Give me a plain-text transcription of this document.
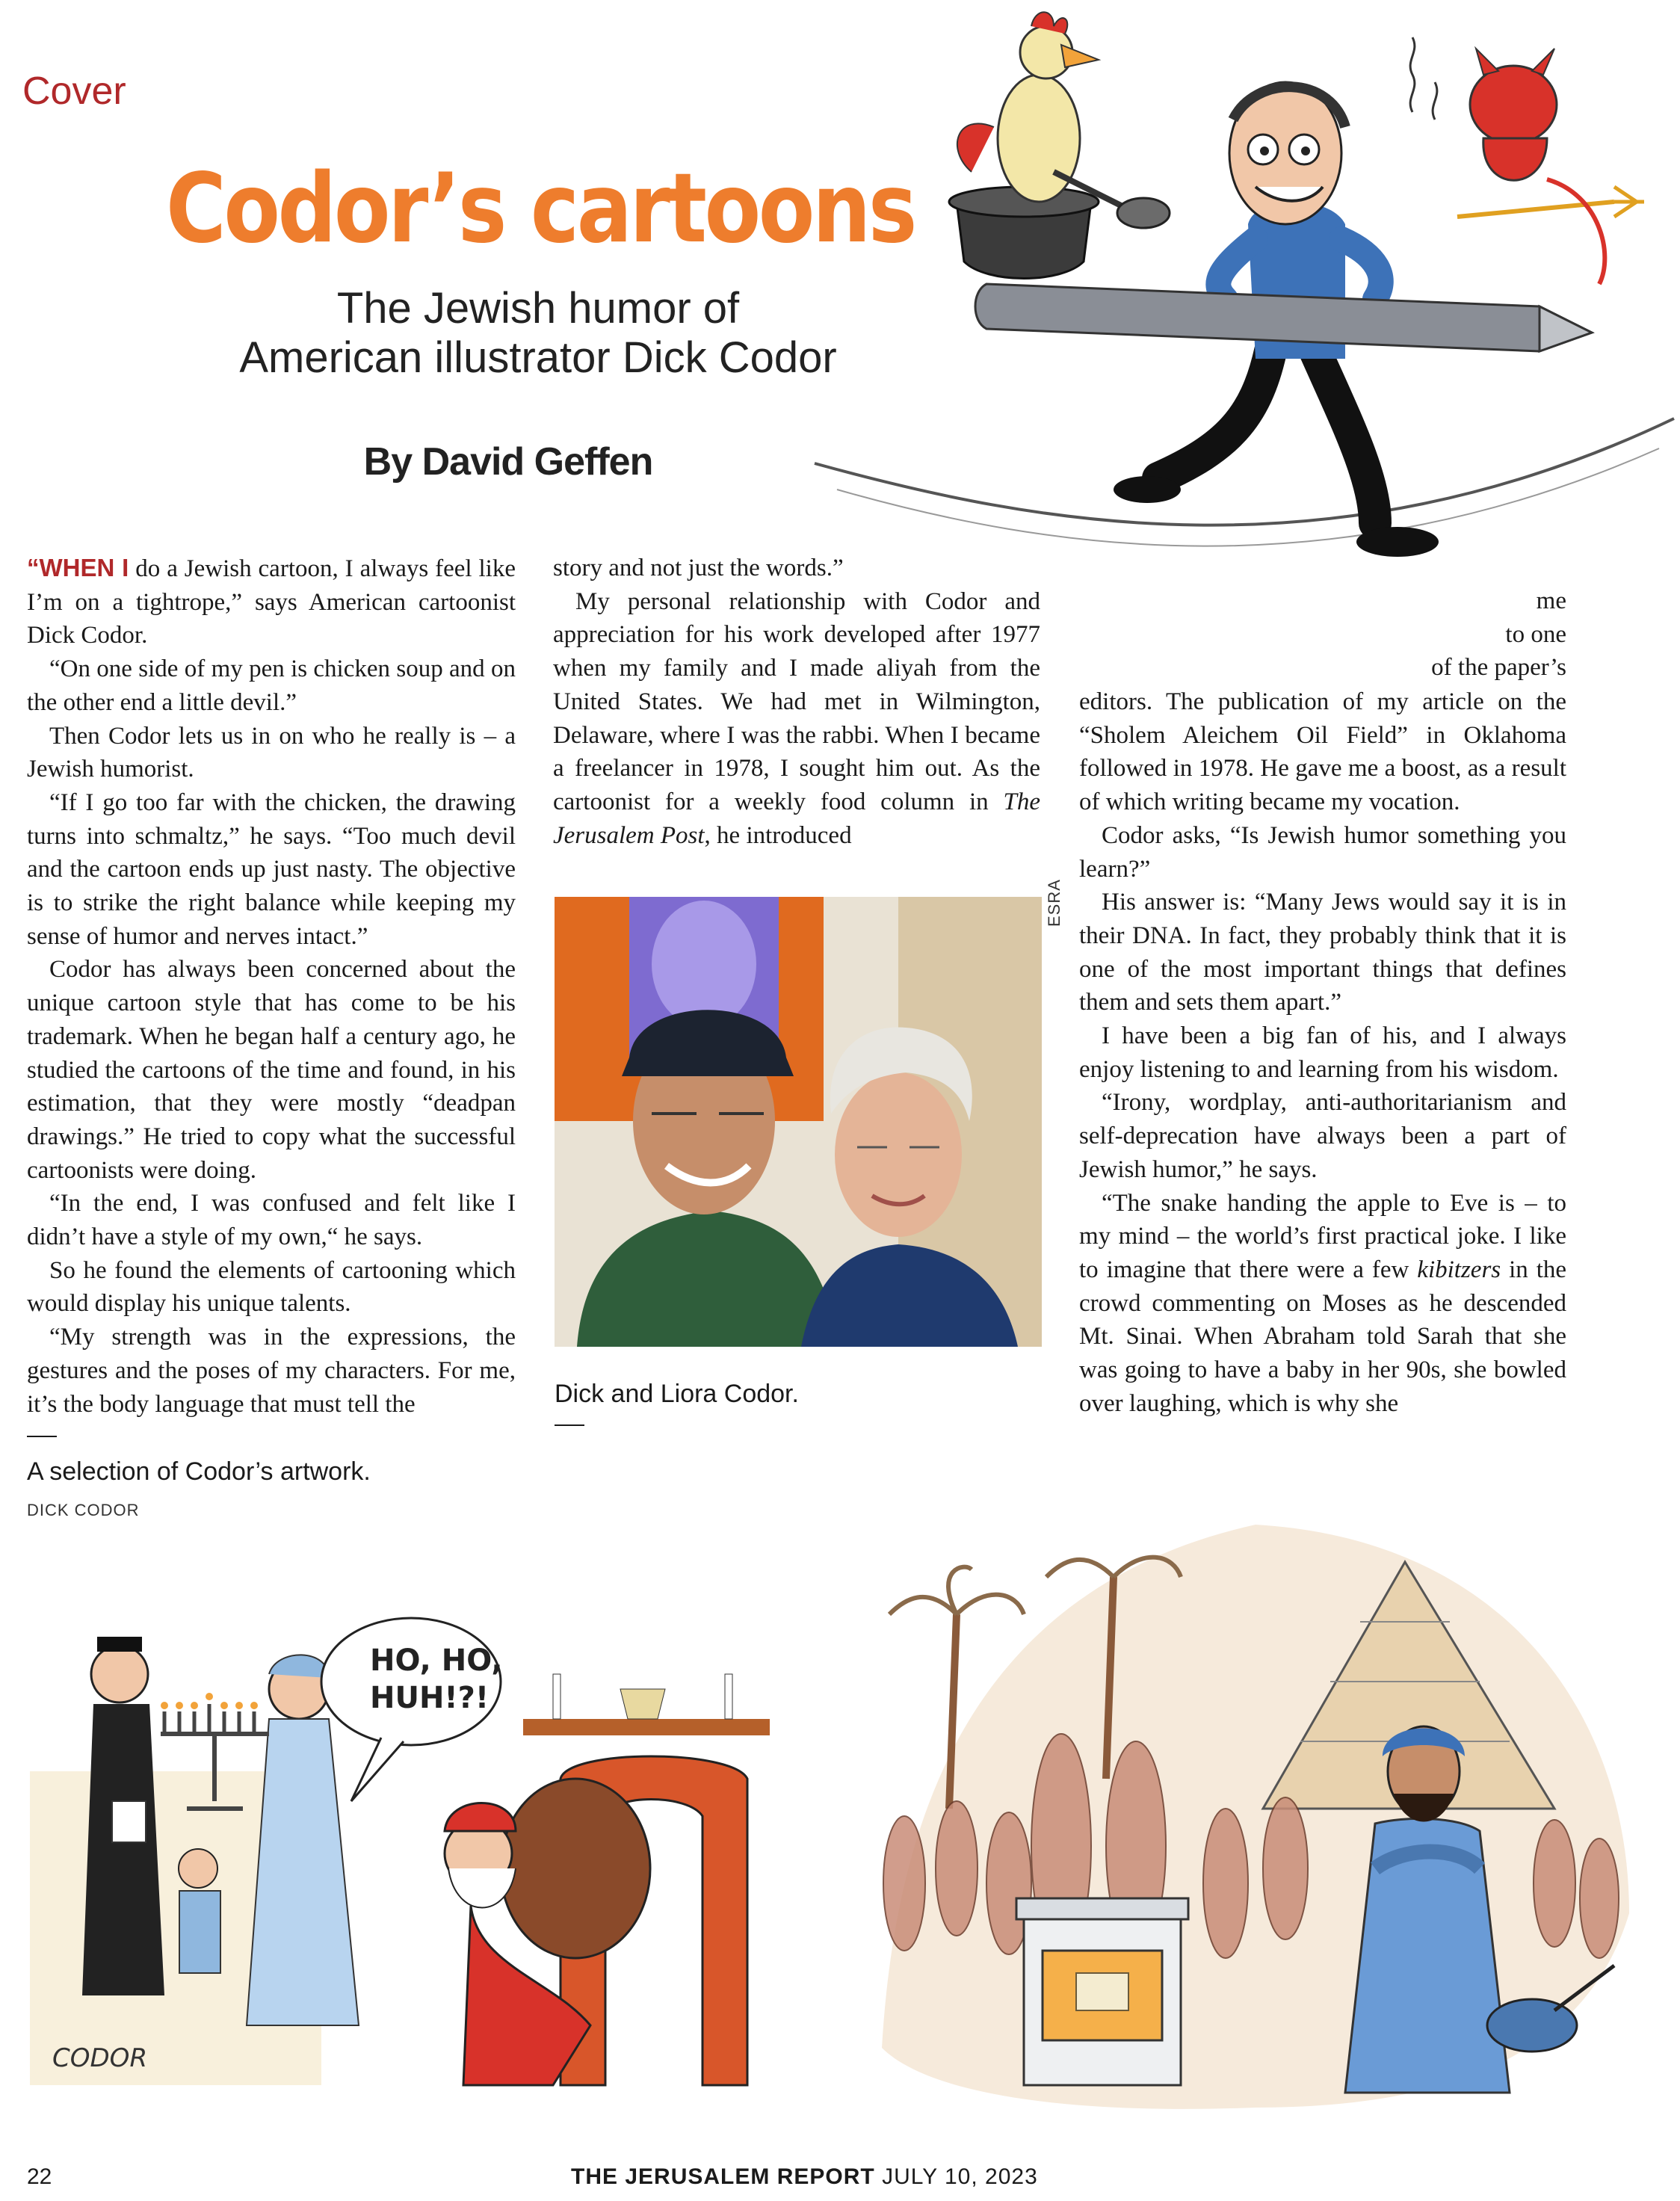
Cover
Codor’s cartoons
The Jewish humor of
American illustrator Dick Codor
By David Geffen

“WHEN I do a Jewish cartoon, I always feel like I’m on a tightrope,” says American cartoonist Dick Codor.

“On one side of my pen is chicken soup and on the other end a little devil.”

Then Codor lets us in on who he really is – a Jewish humorist.

“If I go too far with the chicken, the drawing turns into schmaltz,” he says. “Too much devil and the cartoon ends up just nasty. The objective is to strike the right balance while keeping my sense of humor and nerves intact.”

Codor has always been concerned about the unique cartoon style that has come to be his trademark. When he began half a century ago, he studied the cartoons of the time and found, in his estimation, that they were mostly “deadpan drawings.” He tried to copy what the successful cartoonists were doing.

“In the end, I was confused and felt like I didn’t have a style of my own,“ he says.

So he found the elements of cartooning which would display his unique talents.

“My strength was in the expressions, the gestures and the poses of my characters. For me, it’s the body language that must tell the

story and not just the words.”

My personal relationship with Codor and appreciation for his work developed after 1977 when my family and I made aliyah from the United States. We had met in Wilmington, Delaware, where I was the rabbi. When I became a freelancer in 1978, I sought him out. As the cartoonist for a weekly food column in The Jerusalem Post, he introduced

me
to one
of the paper’s

editors. The publication of my article on the “Sholem Aleichem Oil Field” in Oklahoma followed in 1978. He gave me a boost, as a result of which writing became my vocation.

Codor asks, “Is Jewish humor something you learn?”

His answer is: “Many Jews would say it is in their DNA. In fact, they probably think that it is one of the most important things that defines them and sets them apart.”

I have been a big fan of his, and I always enjoy listening to and learning from his wisdom.

“Irony, wordplay, anti-authoritarianism and self-deprecation have always been a part of Jewish humor,” he says.

“The snake handing the apple to Eve is – to my mind – the world’s first practical joke. I like to imagine that there were a few kibitzers in the crowd commenting on Moses as he descended Mt. Sinai. When Abraham told Sarah that she was going to have a baby in her 90s, she bowled over laughing, which is why she

ESRA
Dick and Liora Codor.
A selection of Codor’s artwork.
DICK CODOR
CODOR
HO, HO,
HUH!?!
22	THE JERUSALEM REPORT JULY 10, 2023
